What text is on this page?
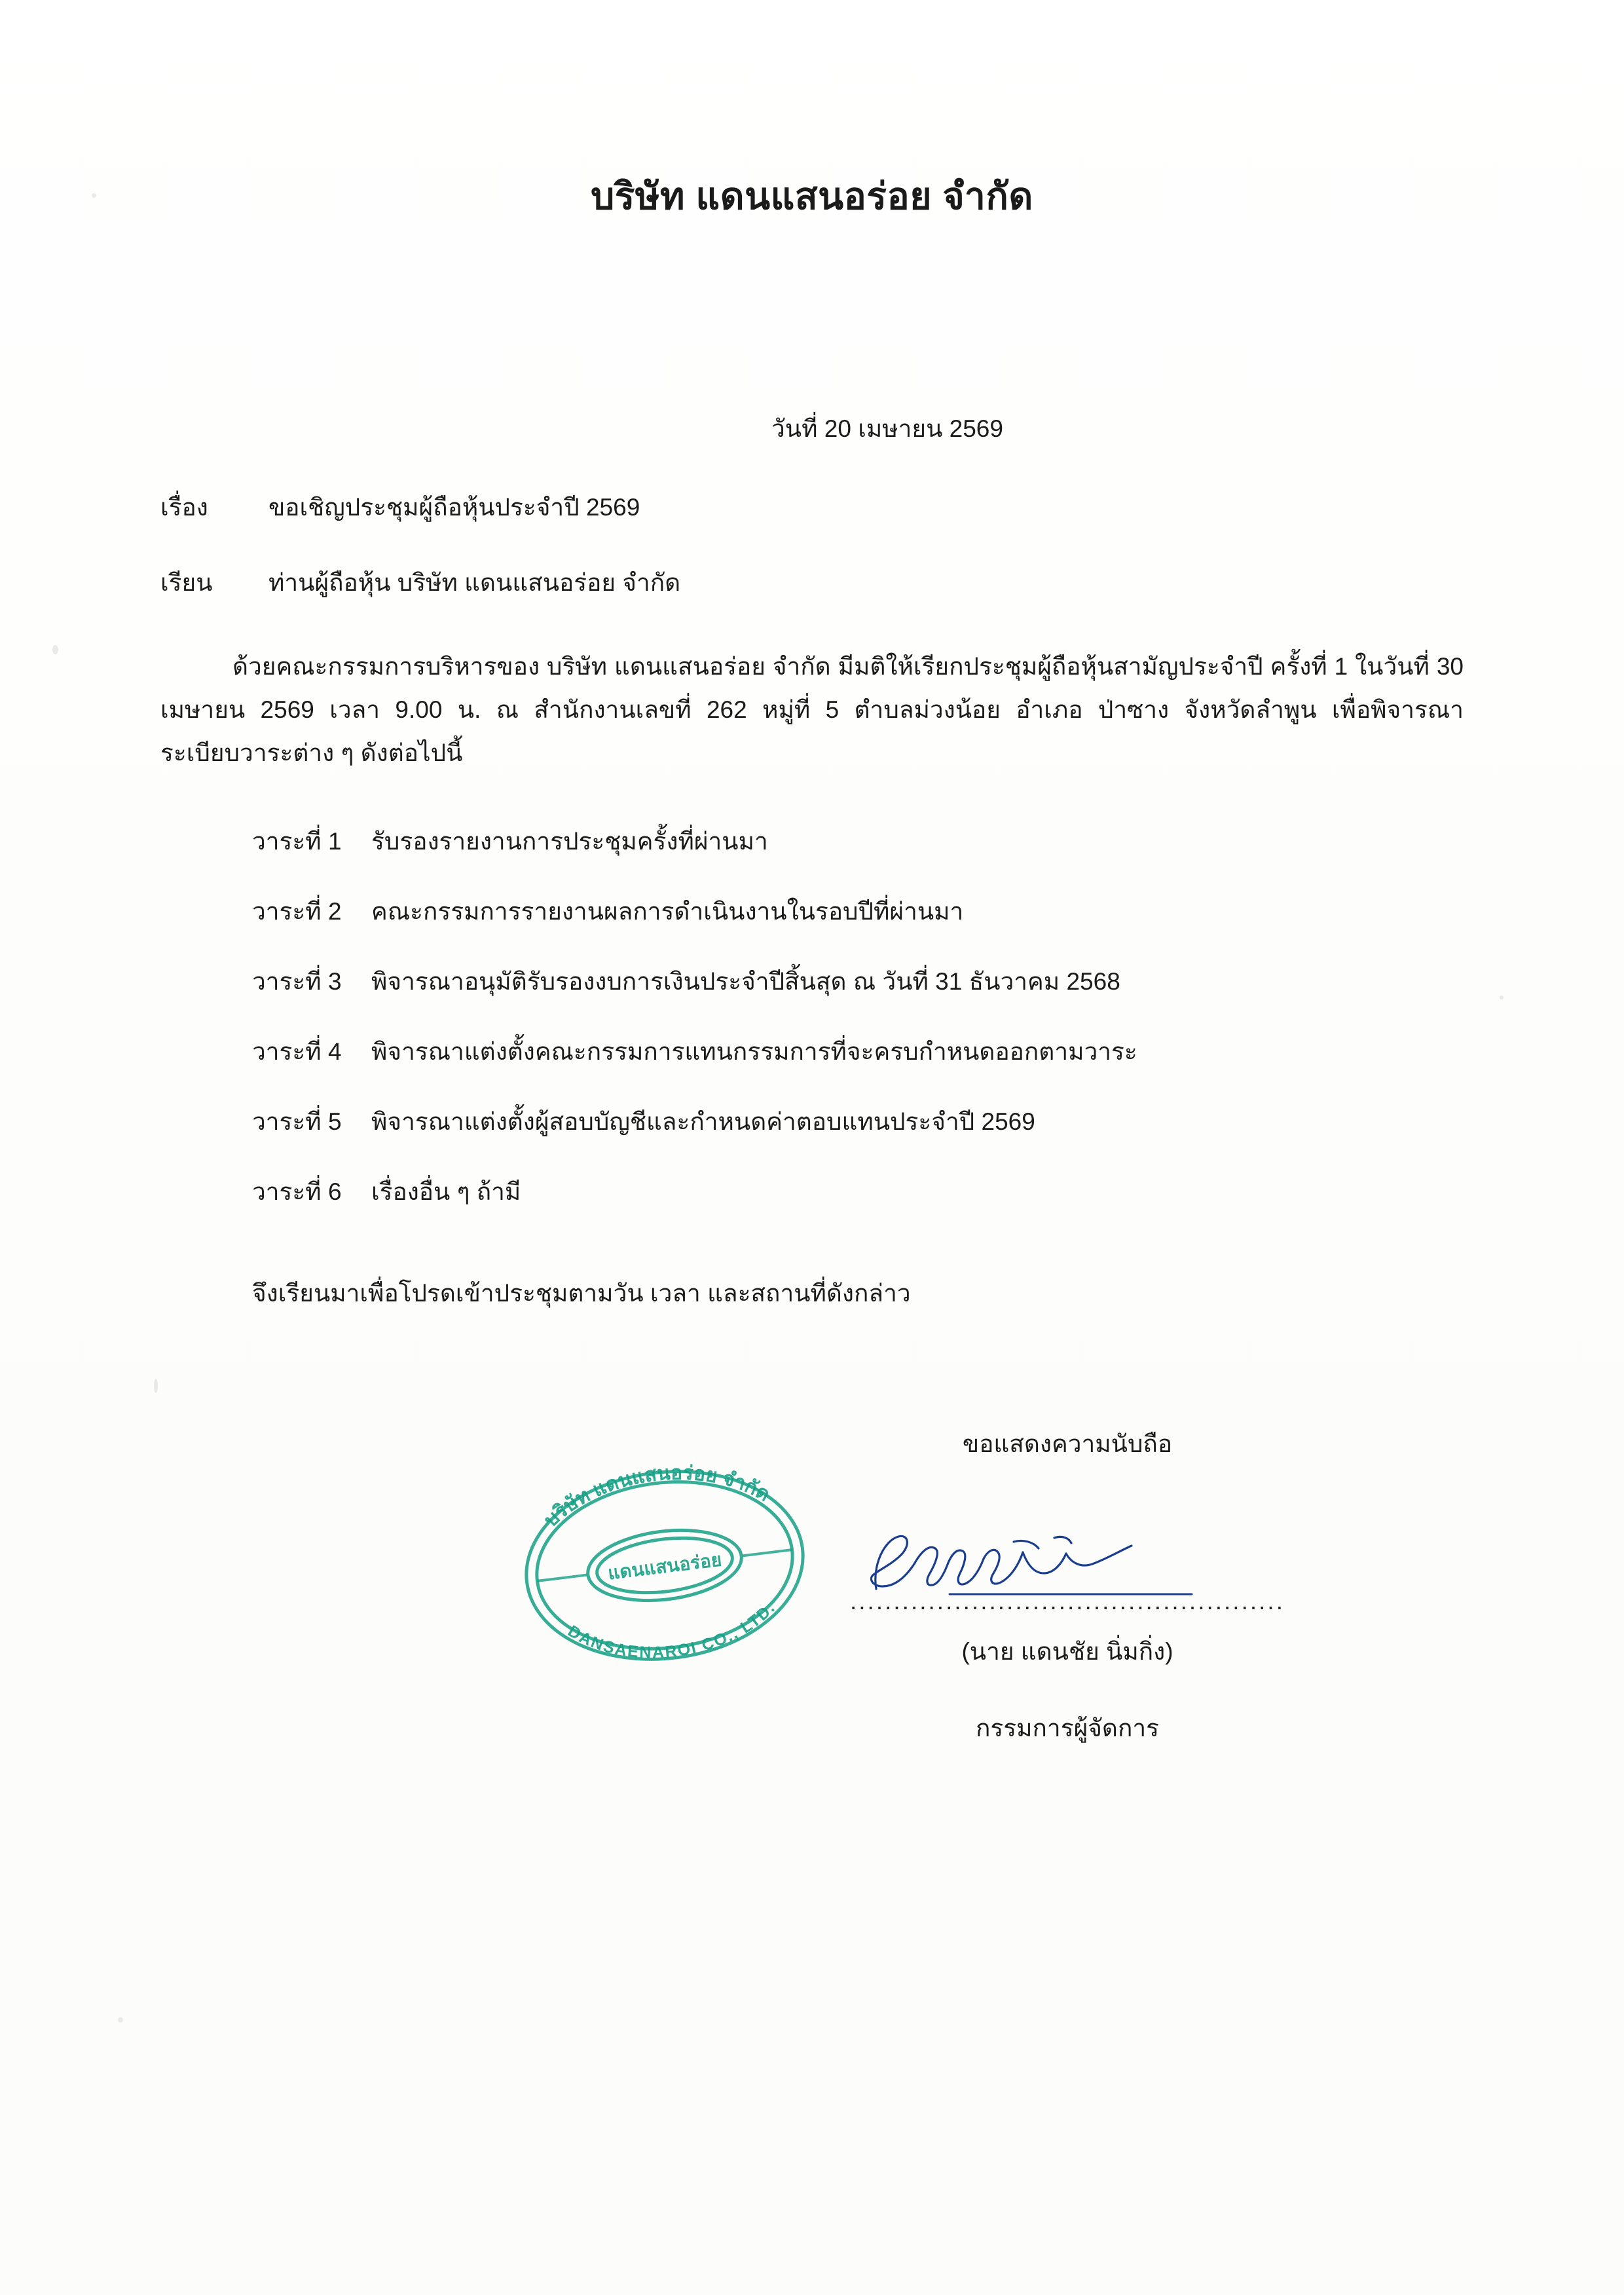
บริษัท แดนแสนอร่อย จำกัด
วันที่ 20 เมษายน 2569
เรื่อง ขอเชิญประชุมผู้ถือหุ้นประจำปี 2569
เรียน ท่านผู้ถือหุ้น บริษัท แดนแสนอร่อย จำกัด
ด้วยคณะกรรมการบริหารของ บริษัท แดนแสนอร่อย จำกัด มีมติให้เรียกประชุมผู้ถือหุ้นสามัญประจำปี ครั้งที่ 1 ในวันที่ 30 เมษายน 2569 เวลา 9.00 น. ณ สำนักงานเลขที่ 262 หมู่ที่ 5 ตำบลม่วงน้อย อำเภอ ป่าซาง จังหวัดลำพูน เพื่อพิจารณาระเบียบวาระต่าง ๆ ดังต่อไปนี้
วาระที่ 1 รับรองรายงานการประชุมครั้งที่ผ่านมา
วาระที่ 2 คณะกรรมการรายงานผลการดำเนินงานในรอบปีที่ผ่านมา
วาระที่ 3 พิจารณาอนุมัติรับรองงบการเงินประจำปีสิ้นสุด ณ วันที่ 31 ธันวาคม 2568
วาระที่ 4 พิจารณาแต่งตั้งคณะกรรมการแทนกรรมการที่จะครบกำหนดออกตามวาระ
วาระที่ 5 พิจารณาแต่งตั้งผู้สอบบัญชีและกำหนดค่าตอบแทนประจำปี 2569
วาระที่ 6 เรื่องอื่น ๆ ถ้ามี
จึงเรียนมาเพื่อโปรดเข้าประชุมตามวัน เวลา และสถานที่ดังกล่าว
ขอแสดงความนับถือ
..................................................
(นาย แดนชัย นิ่มกิ่ง)
กรรมการผู้จัดการ
บริษัท แดนแสนอร่อย จำกัด
DANSAENAROI CO., LTD.
แดนแสนอร่อย
